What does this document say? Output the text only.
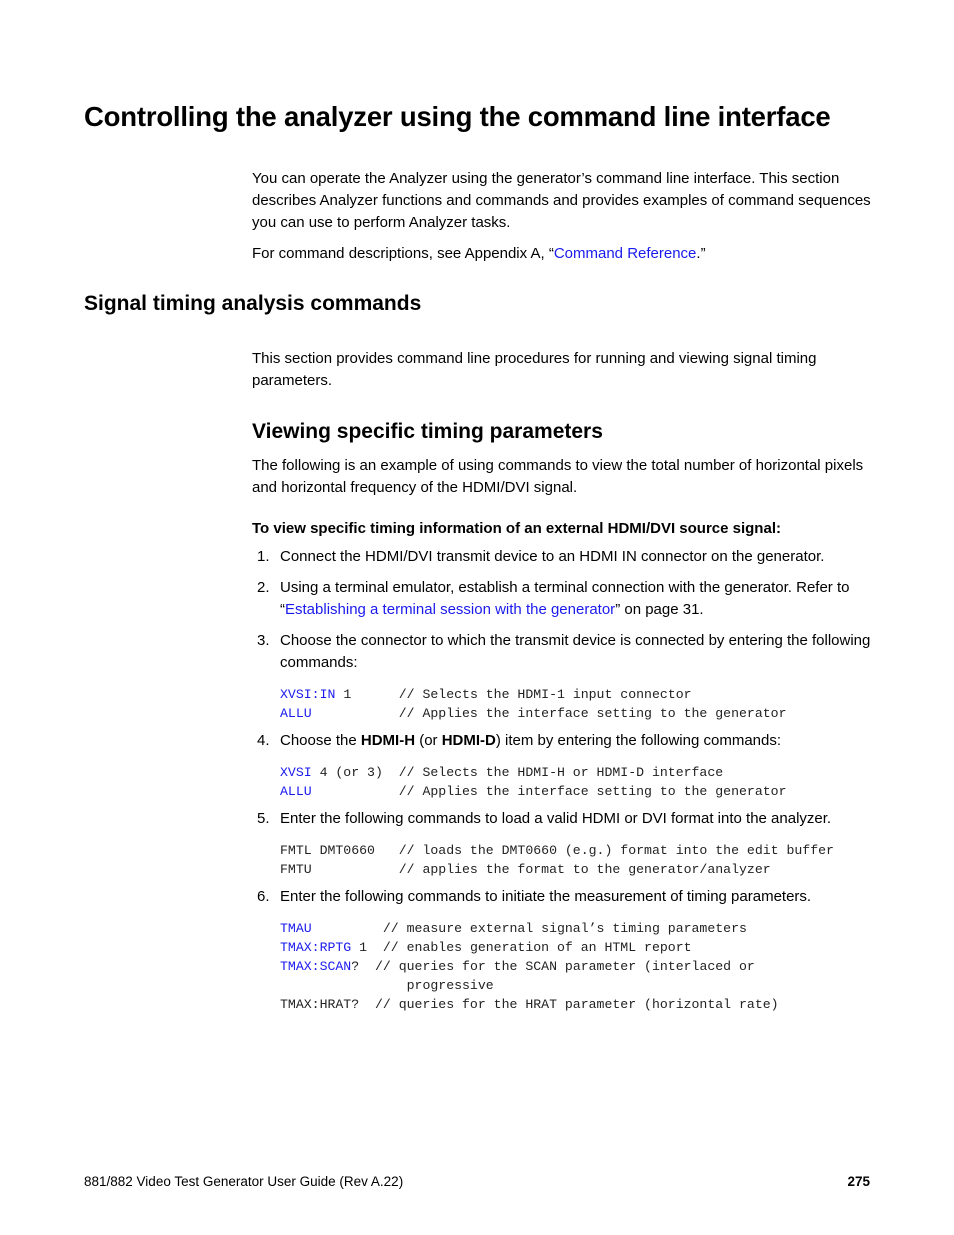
Controlling the analyzer using the command line interface

You can operate the Analyzer using the generator’s command line interface. This section describes Analyzer functions and commands and provides examples of command sequences you can use to perform Analyzer tasks.

For command descriptions, see Appendix A, “Command Reference.”

Signal timing analysis commands

This section provides command line procedures for running and viewing signal timing parameters.

Viewing specific timing parameters

The following is an example of using commands to view the total number of horizontal pixels and horizontal frequency of the HDMI/DVI signal.

To view specific timing information of an external HDMI/DVI source signal:

1. Connect the HDMI/DVI transmit device to an HDMI IN connector on the generator.
2. Using a terminal emulator, establish a terminal connection with the generator. Refer to “Establishing a terminal session with the generator” on page 31.
3. Choose the connector to which the transmit device is connected by entering the following commands:
XVSI:IN 1      // Selects the HDMI-1 input connector
ALLU           // Applies the interface setting to the generator
4. Choose the HDMI-H (or HDMI-D) item by entering the following commands:
XVSI 4 (or 3)  // Selects the HDMI-H or HDMI-D interface
ALLU           // Applies the interface setting to the generator
5. Enter the following commands to load a valid HDMI or DVI format into the analyzer.
FMTL DMT0660   // loads the DMT0660 (e.g.) format into the edit buffer
FMTU           // applies the format to the generator/analyzer
6. Enter the following commands to initiate the measurement of timing parameters.
TMAU         // measure external signal’s timing parameters
TMAX:RPTG 1  // enables generation of an HTML report
TMAX:SCAN?  // queries for the SCAN parameter (interlaced or
progressive
TMAX:HRAT?  // queries for the HRAT parameter (horizontal rate)
881/882 Video Test Generator User Guide (Rev A.22)	275
